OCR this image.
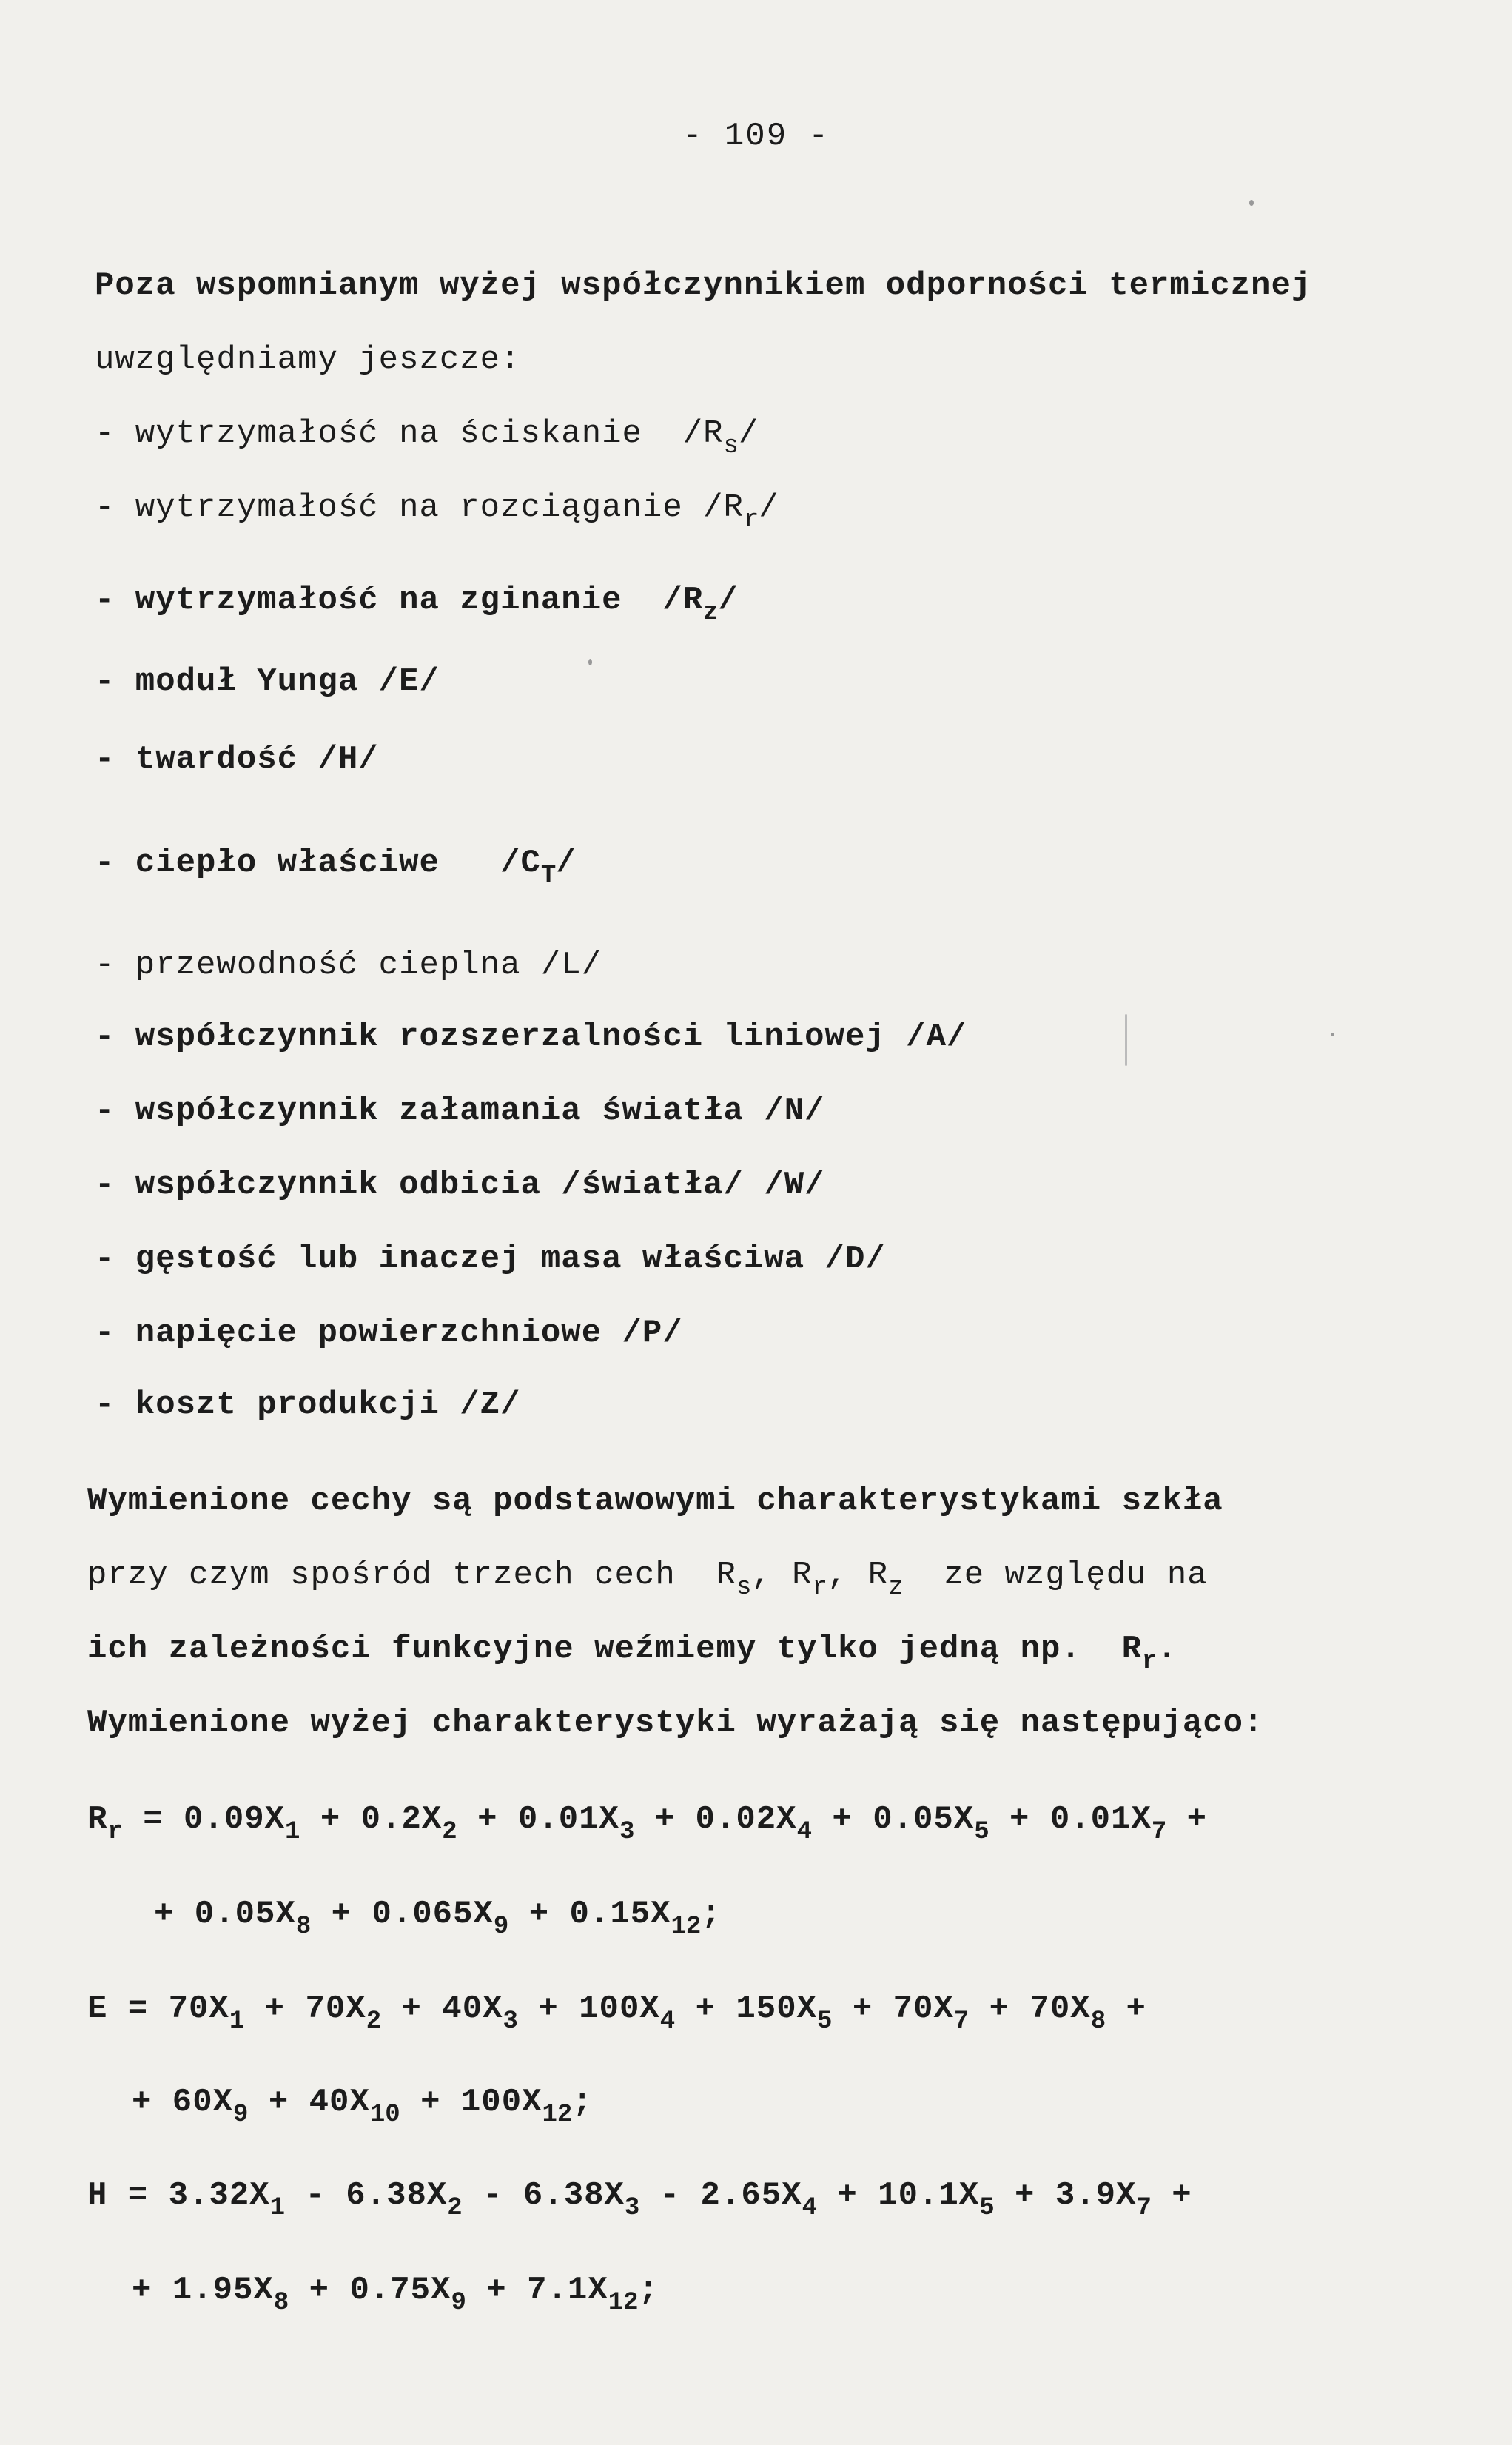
- 109 -
Poza wspomnianym wyżej współczynnikiem odporności termicznej
uwzględniamy jeszcze:
- wytrzymałość na ściskanie  $/R_s/$
- wytrzymałość na rozciąganie $/R_r/$
- wytrzymałość na zginanie  $/R_z/$
- moduł Yunga /E/
- twardość /H/
- ciepło właściwe   $/C_T/$
- przewodność cieplna /L/
- współczynnik rozszerzalności liniowej /A/
- współczynnik załamania światła /N/
- współczynnik odbicia /światła/ /W/
- gęstość lub inaczej masa właściwa /D/
- napięcie powierzchniowe /P/
- koszt produkcji /Z/
Wymienione cechy są podstawowymi charakterystykami szkła
przy czym spośród trzech cech  $R_s$, $R_r$, $R_z$  ze względu na
ich zależności funkcyjne weźmiemy tylko jedną np.  $R_r$.
Wymienione wyżej charakterystyki wyrażają się następująco:
$R_r = 0.09X_1 + 0.2X_2 + 0.01X_3 + 0.02X_4 + 0.05X_5 + 0.01X_7$ +
+ $0.05X_8 + 0.065X_9 + 0.15X_{12}$;
$E = 70X_1 + 70X_2 + 40X_3 + 100X_4 + 150X_5 + 70X_7 + 70X_8$ +
+ $60X_9 + 40X_{10} + 100X_{12}$;
$H = 3.32X_1 - 6.38X_2 - 6.38X_3 - 2.65X_4 + 10.1X_5 + 3.9X_7$ +
+ $1.95X_8 + 0.75X_9 + 7.1X_{12}$;
